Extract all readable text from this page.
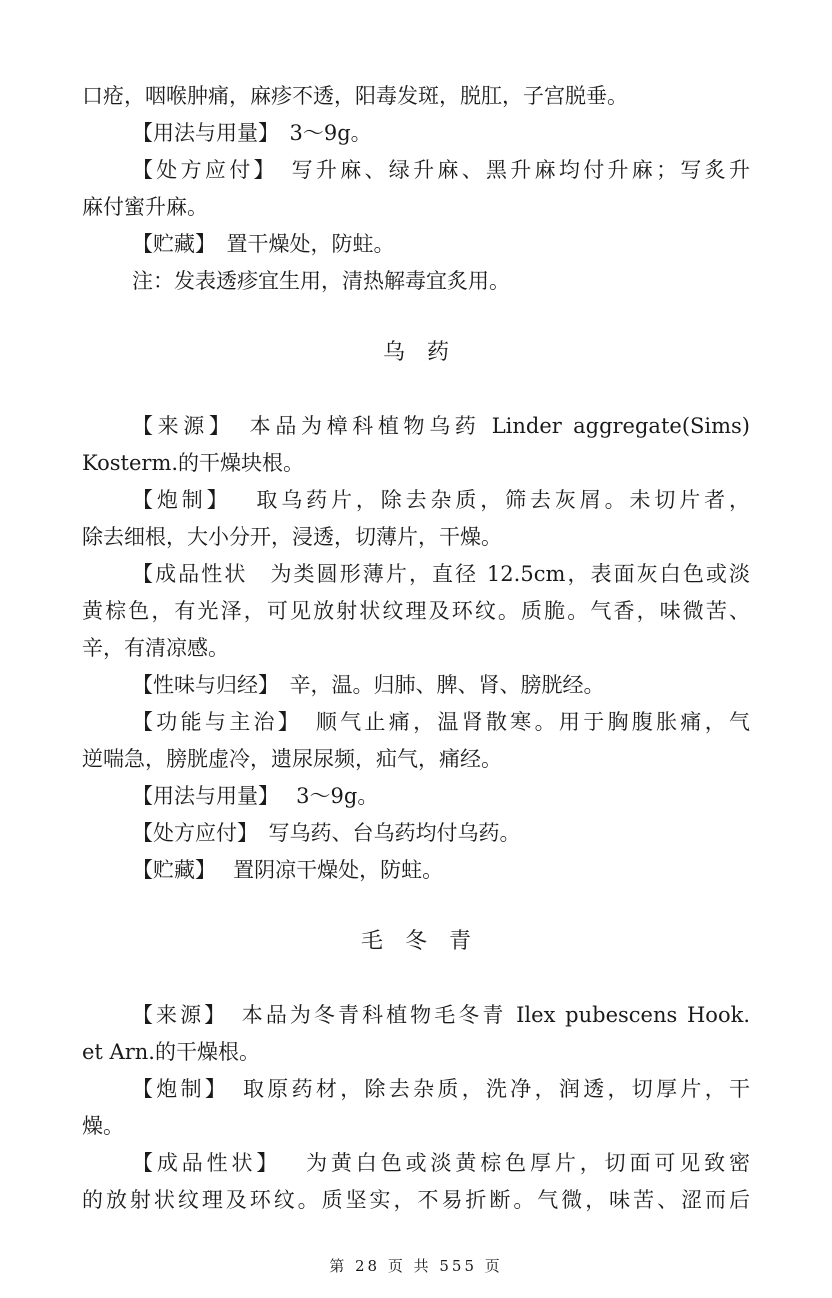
口疮，咽喉肿痛，麻疹不透，阳毒发斑，脱肛，子宫脱垂。

【用法与用量】　3～9g。

【处方应付】　写升麻、绿升麻、黑升麻均付升麻；写炙升

麻付蜜升麻。

【贮藏】　置干燥处，防蛀。

注：发表透疹宜生用，清热解毒宜炙用。

乌　药

【来源】　本品为樟科植物乌药 Linder aggregate(Sims)

Kosterm.的干燥块根。

【炮制】　 取乌药片，除去杂质，筛去灰屑。未切片者，

除去细根，大小分开，浸透，切薄片，干燥。

【成品性状　为类圆形薄片，直径 12.5cm，表面灰白色或淡

黄棕色，有光泽，可见放射状纹理及环纹。质脆。气香，味微苦、

辛，有清凉感。

【性味与归经】　辛，温。归肺、脾、肾、膀胱经。

【功能与主治】　顺气止痛，温肾散寒。用于胸腹胀痛，气

逆喘急，膀胱虚冷，遗尿尿频，疝气，痛经。

【用法与用量】　 3～9g。

【处方应付】　写乌药、台乌药均付乌药。

【贮藏】　 置阴凉干燥处，防蛀。

毛　冬　青

【来源】　本品为冬青科植物毛冬青 Ilex pubescens Hook.

et Arn.的干燥根。

【炮制】　取原药材，除去杂质，洗净，润透，切厚片，干

燥。

【成品性状】　 为黄白色或淡黄棕色厚片，切面可见致密

的放射状纹理及环纹。质坚实，不易折断。气微，味苦、涩而后

第 28 页 共 555 页
